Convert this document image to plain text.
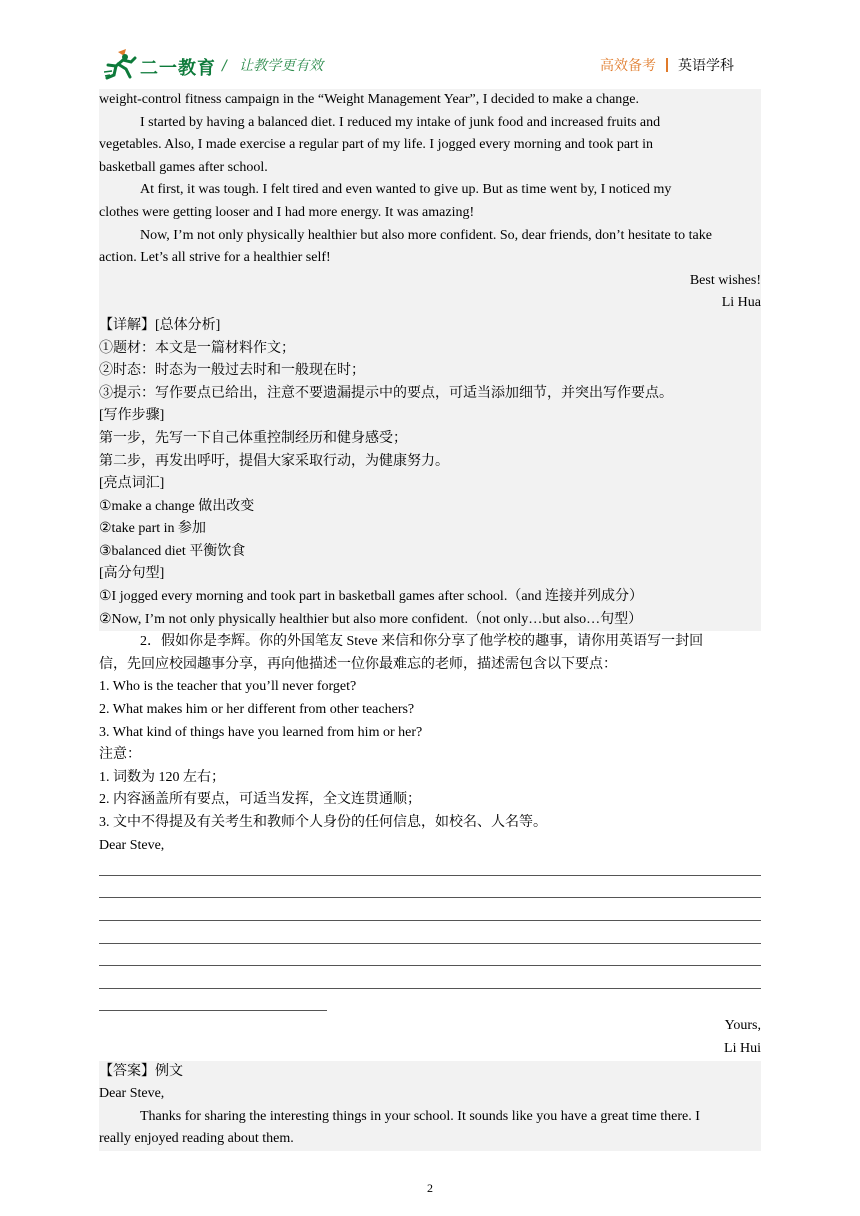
二一教育 / 让教学更有效	高效备考 英语学科

weight-control fitness campaign in the “Weight Management Year”, I decided to make a change.

I started by having a balanced diet. I reduced my intake of junk food and increased fruits and

vegetables. Also, I made exercise a regular part of my life. I jogged every morning and took part in

basketball games after school.

At first, it was tough. I felt tired and even wanted to give up. But as time went by, I noticed my

clothes were getting looser and I had more energy. It was amazing!

Now, I’m not only physically healthier but also more confident. So, dear friends, don’t hesitate to take

action. Let’s all strive for a healthier self!

Best wishes!

Li Hua

【详解】[总体分析]

①题材：本文是一篇材料作文；

②时态：时态为一般过去时和一般现在时；

③提示：写作要点已给出，注意不要遗漏提示中的要点，可适当添加细节，并突出写作要点。

[写作步骤]

第一步，先写一下自己体重控制经历和健身感受；

第二步，再发出呼吁，提倡大家采取行动，为健康努力。

[亮点词汇]

①make a change 做出改变

②take part in 参加

③balanced diet 平衡饮食

[高分句型]

①I jogged every morning and took part in basketball games after school.（and 连接并列成分）

②Now, I’m not only physically healthier but also more confident.（not only…but also…句型）

2．假如你是李辉。你的外国笔友 Steve 来信和你分享了他学校的趣事，请你用英语写一封回

信，先回应校园趣事分享，再向他描述一位你最难忘的老师，描述需包含以下要点：

1. Who is the teacher that you’ll never forget?

2. What makes him or her different from other teachers?

3. What kind of things have you learned from him or her?

注意：

1. 词数为 120 左右；

2. 内容涵盖所有要点，可适当发挥，全文连贯通顺；

3. 文中不得提及有关考生和教师个人身份的任何信息，如校名、人名等。

Dear Steve,

Yours,

Li Hui

【答案】例文

Dear Steve,

Thanks for sharing the interesting things in your school. It sounds like you have a great time there. I

really enjoyed reading about them.

2
